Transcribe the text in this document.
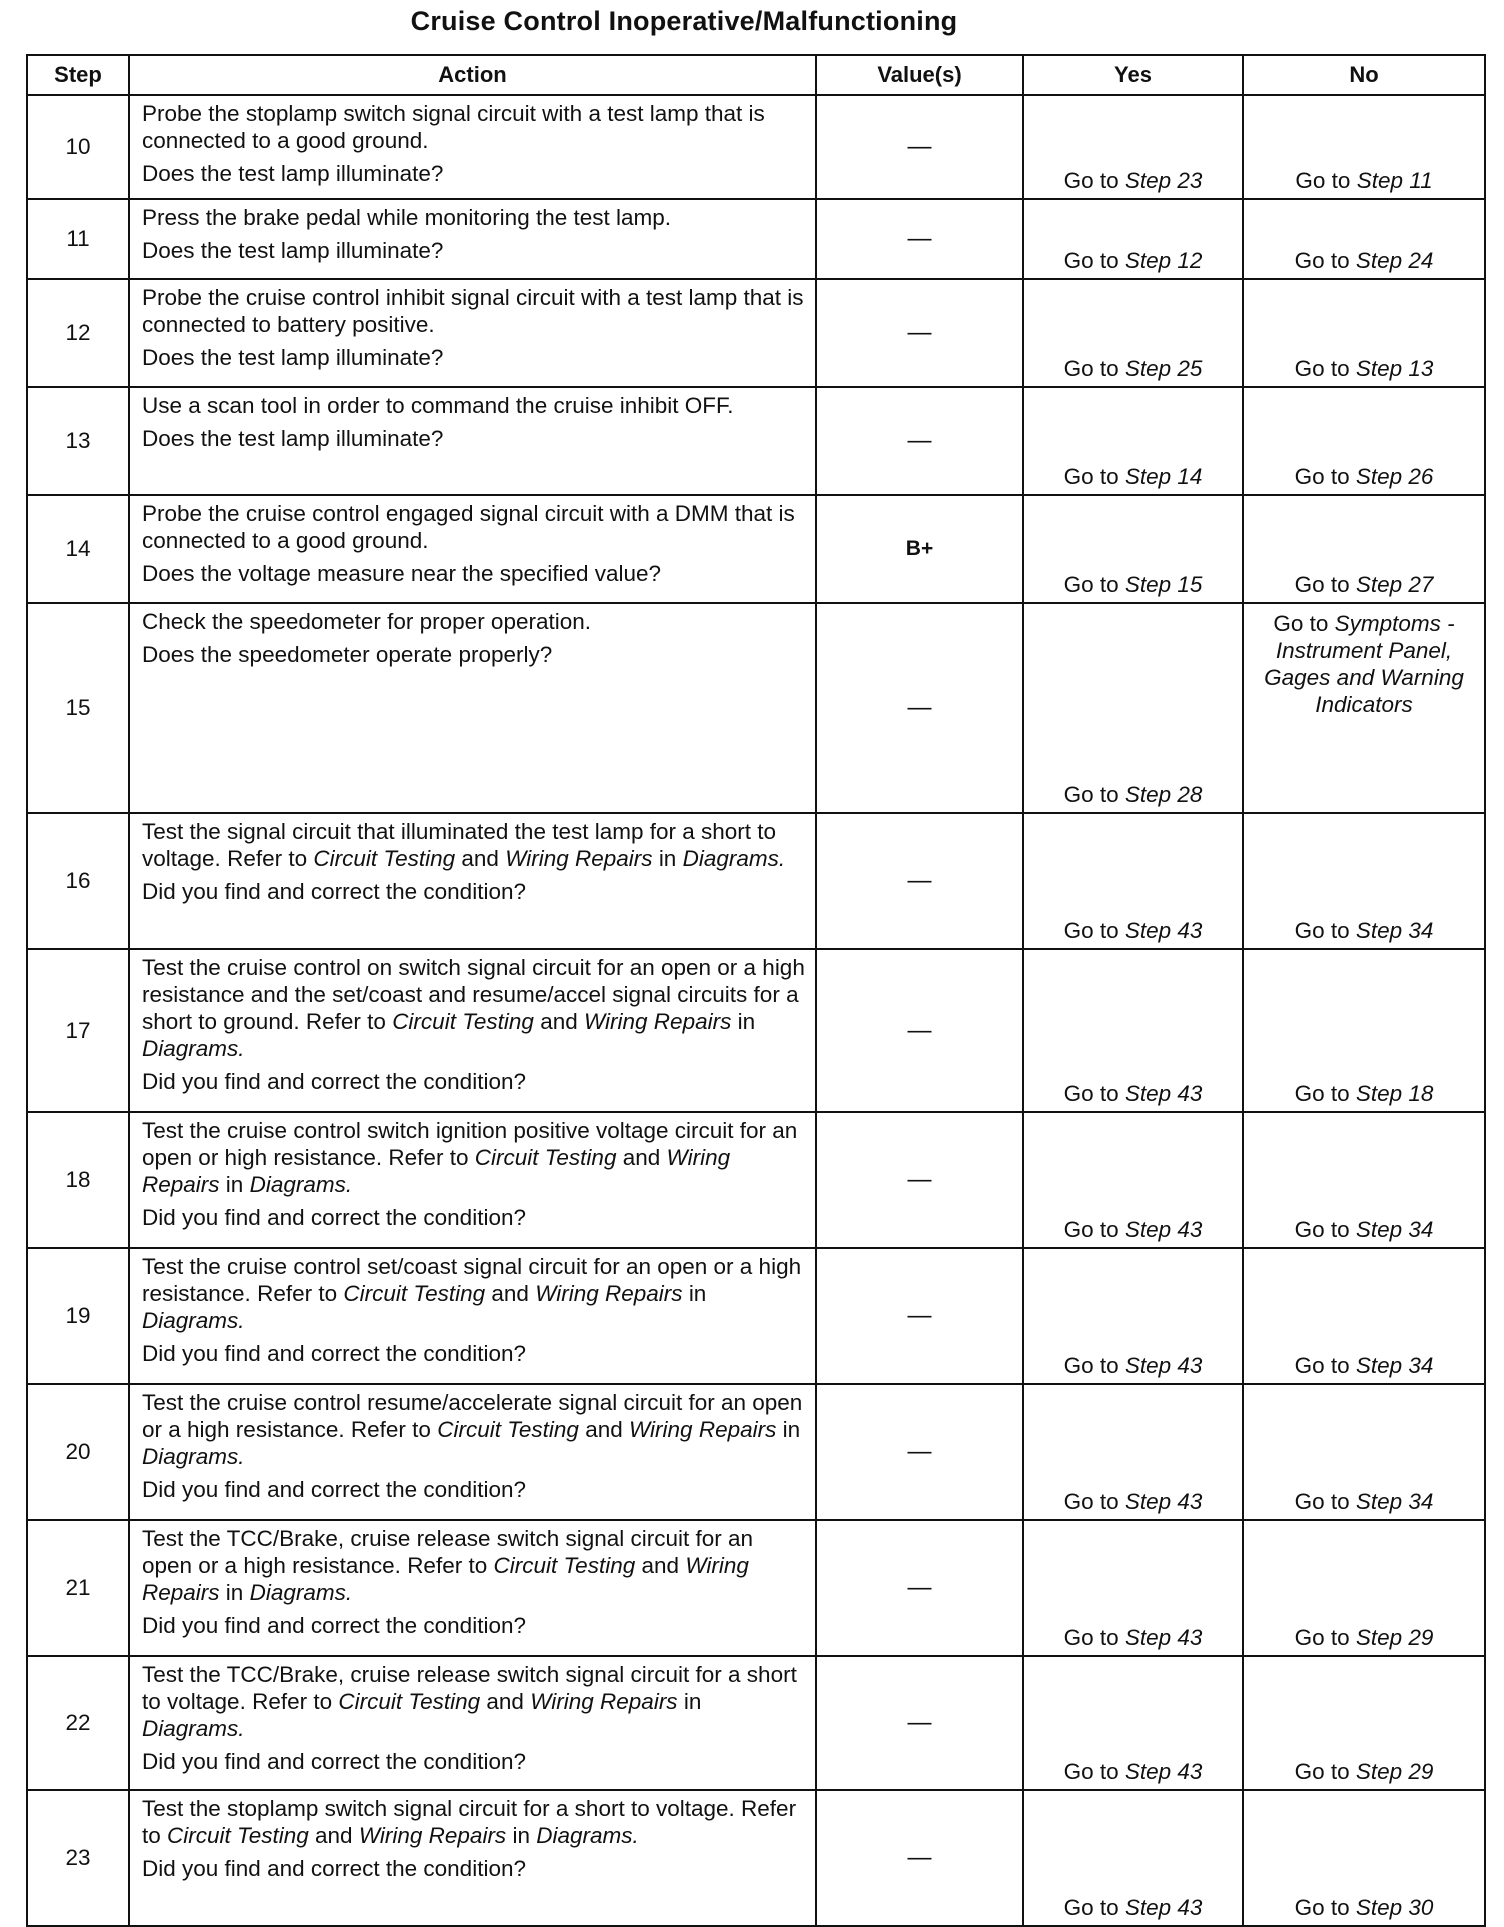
Cruise Control Inoperative/Malfunctioning
Step	Action	Value(s)	Yes	No
10	Probe the stoplamp switch signal circuit with a test lamp that is connected to a good ground.

Does the test lamp illuminate?	—	Go to Step 23	Go to Step 11
11	Press the brake pedal while monitoring the test lamp.

Does the test lamp illuminate?	—	Go to Step 12	Go to Step 24
12	Probe the cruise control inhibit signal circuit with a test lamp that is connected to battery positive.

Does the test lamp illuminate?	—	Go to Step 25	Go to Step 13
13	Use a scan tool in order to command the cruise inhibit OFF.

Does the test lamp illuminate?	—	Go to Step 14	Go to Step 26
14	Probe the cruise control engaged signal circuit with a DMM that is connected to a good ground.

Does the voltage measure near the specified value?	B+	Go to Step 15	Go to Step 27
15	Check the speedometer for proper operation.

Does the speedometer operate properly?	—	Go to Step 28	Go to Symptoms - Instrument Panel, Gages and Warning Indicators
16	Test the signal circuit that illuminated the test lamp for a short to voltage. Refer to Circuit Testing and Wiring Repairs in Diagrams.

Did you find and correct the condition?	—	Go to Step 43	Go to Step 34
17	Test the cruise control on switch signal circuit for an open or a high resistance and the set/coast and resume/accel signal circuits for a short to ground. Refer to Circuit Testing and Wiring Repairs in Diagrams.

Did you find and correct the condition?	—	Go to Step 43	Go to Step 18
18	Test the cruise control switch ignition positive voltage circuit for an open or high resistance. Refer to Circuit Testing and Wiring Repairs in Diagrams.

Did you find and correct the condition?	—	Go to Step 43	Go to Step 34
19	Test the cruise control set/coast signal circuit for an open or a high resistance. Refer to Circuit Testing and Wiring Repairs in Diagrams.

Did you find and correct the condition?	—	Go to Step 43	Go to Step 34
20	Test the cruise control resume/accelerate signal circuit for an open or a high resistance. Refer to Circuit Testing and Wiring Repairs in Diagrams.

Did you find and correct the condition?	—	Go to Step 43	Go to Step 34
21	Test the TCC/Brake, cruise release switch signal circuit for an open or a high resistance. Refer to Circuit Testing and Wiring Repairs in Diagrams.

Did you find and correct the condition?	—	Go to Step 43	Go to Step 29
22	Test the TCC/Brake, cruise release switch signal circuit for a short to voltage. Refer to Circuit Testing and Wiring Repairs in Diagrams.

Did you find and correct the condition?	—	Go to Step 43	Go to Step 29
23	Test the stoplamp switch signal circuit for a short to voltage. Refer to Circuit Testing and Wiring Repairs in Diagrams.

Did you find and correct the condition?	—	Go to Step 43	Go to Step 30
